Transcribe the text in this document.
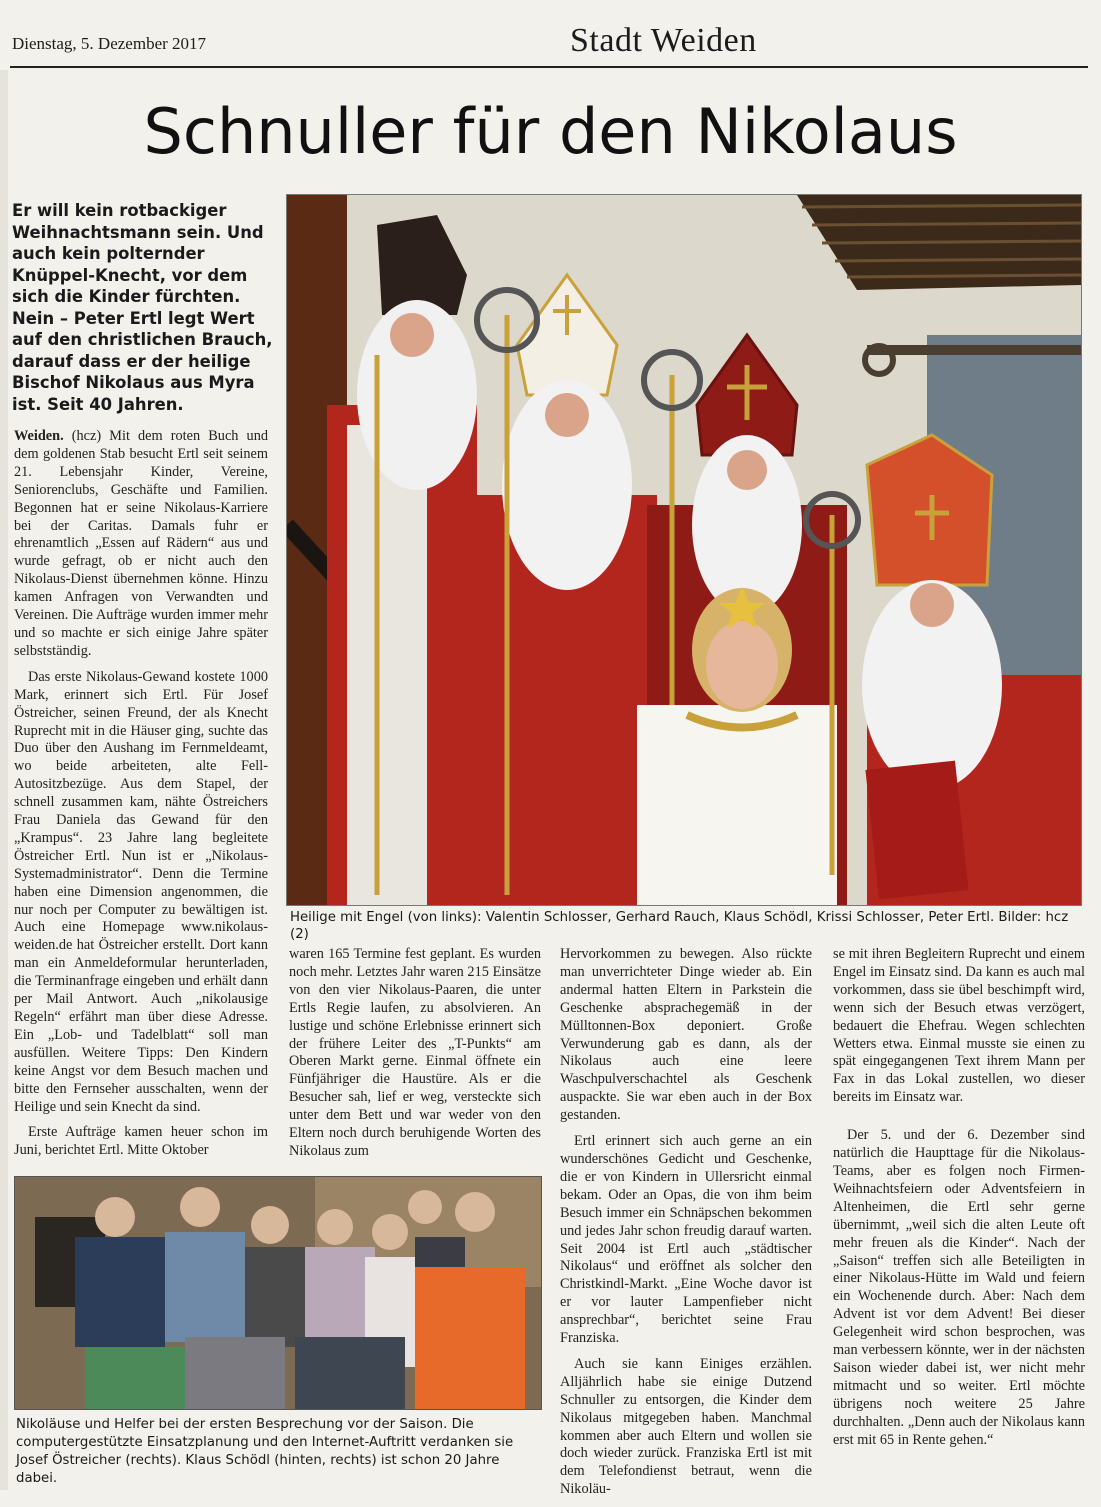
Dienstag, 5. Dezember 2017	Stadt Weiden
Schnuller für den Nikolaus
Er will kein rotbackiger Weihnachtsmann sein. Und auch kein polternder Knüppel-Knecht, vor dem sich die Kinder fürchten. Nein – Peter Ertl legt Wert auf den christlichen Brauch, darauf dass er der heilige Bischof Nikolaus aus Myra ist. Seit 40 Jahren.
Heilige mit Engel (von links): Valentin Schlosser, Gerhard Rauch, Klaus Schödl, Krissi Schlosser, Peter Ertl. Bilder: hcz (2)

Weiden. (hcz) Mit dem roten Buch und dem goldenen Stab besucht Ertl seit seinem 21. Lebensjahr Kinder, Vereine, Seniorenclubs, Geschäfte und Familien. Begonnen hat er seine Nikolaus-Karriere bei der Caritas. Damals fuhr er ehrenamtlich „Essen auf Rädern“ aus und wurde gefragt, ob er nicht auch den Nikolaus-Dienst übernehmen könne. Hinzu kamen Anfragen von Verwandten und Vereinen. Die Aufträge wurden immer mehr und so machte er sich einige Jahre später selbstständig.

Das erste Nikolaus-Gewand kostete 1000 Mark, erinnert sich Ertl. Für Josef Östreicher, seinen Freund, der als Knecht Ruprecht mit in die Häuser ging, suchte das Duo über den Aushang im Fernmeldeamt, wo beide arbeiteten, alte Fell-Autositzbezüge. Aus dem Stapel, der schnell zusammen kam, nähte Östreichers Frau Daniela das Gewand für den „Krampus“. 23 Jahre lang begleitete Östreicher Ertl. Nun ist er „Nikolaus-Systemadministrator“. Denn die Termine haben eine Dimension angenommen, die nur noch per Computer zu bewältigen ist. Auch eine Homepage www.nikolaus-weiden.de hat Östreicher erstellt. Dort kann man ein Anmeldeformular herunterladen, die Terminanfrage eingeben und erhält dann per Mail Antwort. Auch „nikolausige Regeln“ erfährt man über diese Adresse. Ein „Lob- und Tadelblatt“ soll man ausfüllen. Weitere Tipps: Den Kindern keine Angst vor dem Besuch machen und bitte den Fernseher ausschalten, wenn der Heilige und sein Knecht da sind.

Erste Aufträge kamen heuer schon im Juni, berichtet Ertl. Mitte Oktober

waren 165 Termine fest geplant. Es wurden noch mehr. Letztes Jahr waren 215 Einsätze von den vier Nikolaus-Paaren, die unter Ertls Regie laufen, zu absolvieren. An lustige und schöne Erlebnisse erinnert sich der frühere Leiter des „T-Punkts“ am Oberen Markt gerne. Einmal öffnete ein Fünfjähriger die Haustüre. Als er die Besucher sah, lief er weg, versteckte sich unter dem Bett und war weder von den Eltern noch durch beruhigende Worten des Nikolaus zum

Hervorkommen zu bewegen. Also rückte man unverrichteter Dinge wieder ab. Ein andermal hatten Eltern in Parkstein die Geschenke absprachegemäß in der Mülltonnen-Box deponiert. Große Verwunderung gab es dann, als der Nikolaus auch eine leere Waschpulverschachtel als Geschenk auspackte. Sie war eben auch in der Box gestanden.

Ertl erinnert sich auch gerne an ein wunderschönes Gedicht und Geschenke, die er von Kindern in Ullersricht einmal bekam. Oder an Opas, die von ihm beim Besuch immer ein Schnäpschen bekommen und jedes Jahr schon freudig darauf warten. Seit 2004 ist Ertl auch „städtischer Nikolaus“ und eröffnet als solcher den Christkindl-Markt. „Eine Woche davor ist er vor lauter Lampenfieber nicht ansprechbar“, berichtet seine Frau Franziska.

Auch sie kann Einiges erzählen. Alljährlich habe sie einige Dutzend Schnuller zu entsorgen, die Kinder dem Nikolaus mitgegeben haben. Manchmal kommen aber auch Eltern und wollen sie doch wieder zurück. Franziska Ertl ist mit dem Telefondienst betraut, wenn die Nikoläu-

se mit ihren Begleitern Ruprecht und einem Engel im Einsatz sind. Da kann es auch mal vorkommen, dass sie übel beschimpft wird, wenn sich der Besuch etwas verzögert, bedauert die Ehefrau. Wegen schlechten Wetters etwa. Einmal musste sie einen zu spät eingegangenen Text ihrem Mann per Fax in das Lokal zustellen, wo dieser bereits im Einsatz war.

Der 5. und der 6. Dezember sind natürlich die Haupttage für die Nikolaus-Teams, aber es folgen noch Firmen-Weihnachtsfeiern oder Adventsfeiern in Altenheimen, die Ertl sehr gerne übernimmt, „weil sich die alten Leute oft mehr freuen als die Kinder“. Nach der „Saison“ treffen sich alle Beteiligten in einer Nikolaus-Hütte im Wald und feiern ein Wochenende durch. Aber: Nach dem Advent ist vor dem Advent! Bei dieser Gelegenheit wird schon besprochen, was man verbessern könnte, wer in der nächsten Saison wieder dabei ist, wer nicht mehr mitmacht und so weiter. Ertl möchte übrigens noch weitere 25 Jahre durchhalten. „Denn auch der Nikolaus kann erst mit 65 in Rente gehen.“

Nikoläuse und Helfer bei der ersten Besprechung vor der Saison. Die computergestützte Einsatzplanung und den Internet-Auftritt verdanken sie Josef Östreicher (rechts). Klaus Schödl (hinten, rechts) ist schon 20 Jahre dabei.
